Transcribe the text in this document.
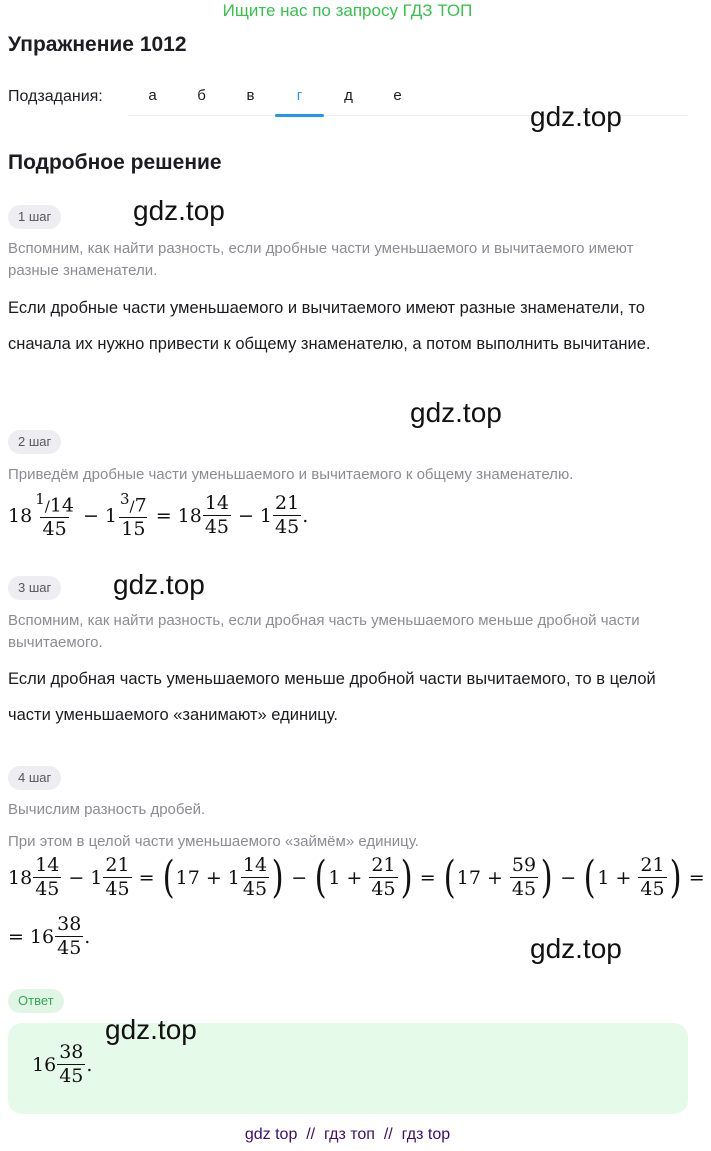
Ищите нас по запросу ГДЗ ТОП
Упражнение 1012
Подзадания:	а	б	в	г	д	е
Подробное решение
gdz.top
gdz.top
gdz.top
gdz.top
gdz.top
gdz.top
1 шаг
Вспомним, как найти разность, если дробные части уменьшаемого и вычитаемого имеют разные знаменатели.
Если дробные части уменьшаемого и вычитаемого имеют разные знаменатели, то сначала их нужно привести к общему знаменателю, а потом выполнить вычитание.
2 шаг
Приведём дробные части уменьшаемого и вычитаемого к общему знаменателю.
$18 \frac{^1/14}{45} - 1 \frac{^3/7}{15} = 18 \frac{14}{45} - 1 \frac{21}{45}$ .
3 шаг
Вспомним, как найти разность, если дробная часть уменьшаемого меньше дробной части вычитаемого.
Если дробная часть уменьшаемого меньше дробной части вычитаемого, то в целой части уменьшаемого «занимают» единицу.
4 шаг
Вычислим разность дробей.
При этом в целой части уменьшаемого «займём» единицу.
$18 \frac{14}{45} - 1 \frac{21}{45}$ = ( $17 + 1 \frac{14}{45}$ ) − ( $1 + \frac{21}{45}$ ) = ( $17 + \frac{59}{45}$ ) − ( $1 + \frac{21}{45}$ ) =
= $16 \frac{38}{45}$ .
Ответ
$16 \frac{38}{45}$ .
gdz top // гдз топ // гдз top
